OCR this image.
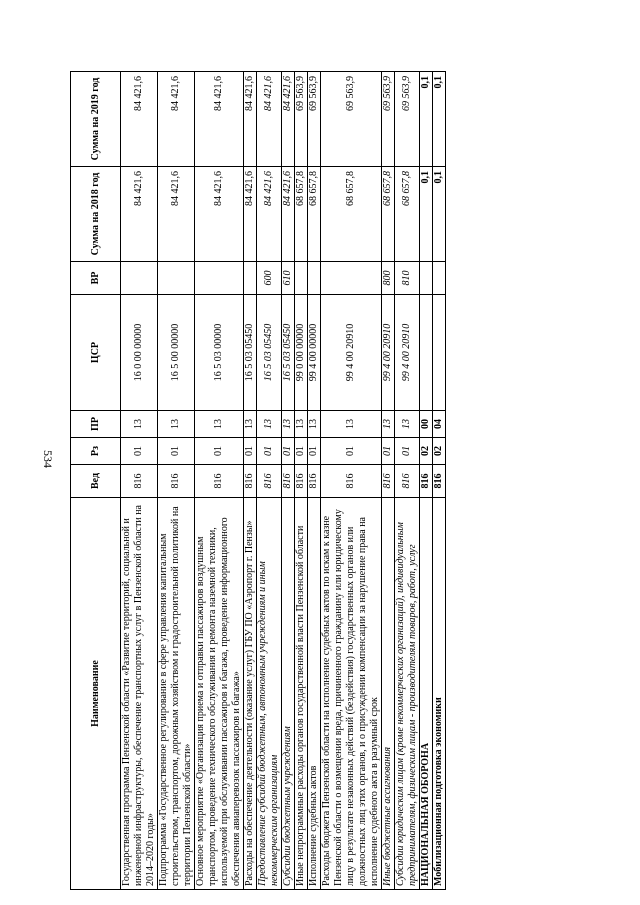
534
Наименование	Вед	Рз	ПР	ЦСР	ВР	Сумма на 2018 год	Сумма на 2019 год
Государственная программа Пензенской области «Развитие территорий, социальной и инженерной инфраструктуры, обеспечение транспортных услуг в Пензенской области на 2014–2020 годы»	816	01	13	16 0 00 00000		84 421,6	84 421,6
Подпрограмма «Государственное регулирование в сфере управления капитальным строительством, транспортом, дорожным хозяйством и градостроительной политикой на территории Пензенской области»	816	01	13	16 5 00 00000		84 421,6	84 421,6
Основное мероприятие «Организация приема и отправки пассажиров воздушным транспортом, проведение технического обслуживания и ремонта наземной техники, используемой при обслуживании пассажиров и багажа, проведение информационного обеспечения авиаперевозок пассажиров и багажа»	816	01	13	16 5 03 00000		84 421,6	84 421,6
Расходы на обеспечение деятельности (оказание услуг) ГБУ ПО «Аэропорт г. Пензы»	816	01	13	16 5 03 05450		84 421,6	84 421,6
Предоставление субсидий бюджетным, автономным учреждениям и иным некоммерческим организациям	816	01	13	16 5 03 05450	600	84 421,6	84 421,6
Субсидии бюджетным учреждениям	816	01	13	16 5 03 05450	610	84 421,6	84 421,6
Иные непрограммные расходы органов государственной власти Пензенской области	816	01	13	99 0 00 00000		68 657,8	69 563,9
Исполнение судебных актов	816	01	13	99 4 00 00000		68 657,8	69 563,9
Расходы бюджета Пензенской области на исполнение судебных актов по искам к казне Пензенской области о возмещении вреда, причиненного гражданину или юридическому лицу в результате незаконных действий (бездействия) государственных органов или должностных лиц этих органов, и о присуждении компенсации за нарушение права на исполнение судебного акта в разумный срок	816	01	13	99 4 00 20910		68 657,8	69 563,9
Иные бюджетные ассигнования	816	01	13	99 4 00 20910	800	68 657,8	69 563,9
Субсидии юридическим лицам (кроме некоммерческих организаций), индивидуальным предпринимателям, физическим лицам - производителям товаров, работ, услуг	816	01	13	99 4 00 20910	810	68 657,8	69 563,9
НАЦИОНАЛЬНАЯ ОБОРОНА	816	02	00			0,1	0,1
Мобилизационная подготовка экономики	816	02	04			0,1	0,1
